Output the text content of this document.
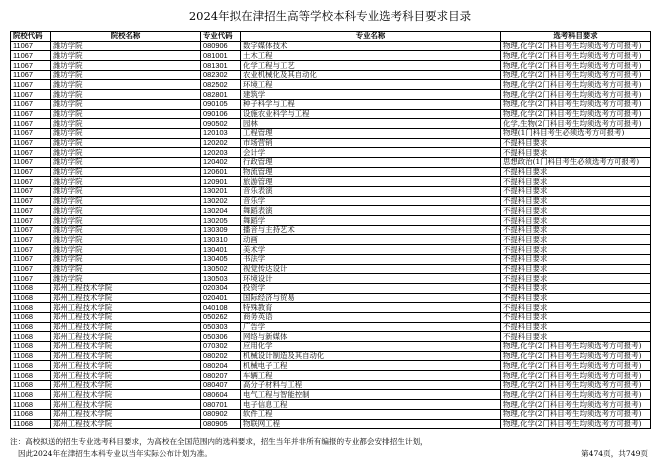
2024年拟在津招生高等学校本科专业选考科目要求目录
院校代码	院校名称	专业代码	专业名称	选考科目要求
11067	潍坊学院	080906	数字媒体技术	物理,化学(2门科目考生均须选考方可报考)
11067	潍坊学院	081001	土木工程	物理,化学(2门科目考生均须选考方可报考)
11067	潍坊学院	081301	化学工程与工艺	物理,化学(2门科目考生均须选考方可报考)
11067	潍坊学院	082302	农业机械化及其自动化	物理,化学(2门科目考生均须选考方可报考)
11067	潍坊学院	082502	环境工程	物理,化学(2门科目考生均须选考方可报考)
11067	潍坊学院	082801	建筑学	物理,化学(2门科目考生均须选考方可报考)
11067	潍坊学院	090105	种子科学与工程	物理,化学(2门科目考生均须选考方可报考)
11067	潍坊学院	090106	设施农业科学与工程	物理,化学(2门科目考生均须选考方可报考)
11067	潍坊学院	090502	园林	化学,生物(2门科目考生均须选考方可报考)
11067	潍坊学院	120103	工程管理	物理(1门科目考生必须选考方可报考)
11067	潍坊学院	120202	市场营销	不提科目要求
11067	潍坊学院	120203	会计学	不提科目要求
11067	潍坊学院	120402	行政管理	思想政治(1门科目考生必须选考方可报考)
11067	潍坊学院	120601	物流管理	不提科目要求
11067	潍坊学院	120901	旅游管理	不提科目要求
11067	潍坊学院	130201	音乐表演	不提科目要求
11067	潍坊学院	130202	音乐学	不提科目要求
11067	潍坊学院	130204	舞蹈表演	不提科目要求
11067	潍坊学院	130205	舞蹈学	不提科目要求
11067	潍坊学院	130309	播音与主持艺术	不提科目要求
11067	潍坊学院	130310	动画	不提科目要求
11067	潍坊学院	130401	美术学	不提科目要求
11067	潍坊学院	130405	书法学	不提科目要求
11067	潍坊学院	130502	视觉传达设计	不提科目要求
11067	潍坊学院	130503	环境设计	不提科目要求
11068	郑州工程技术学院	020304	投资学	不提科目要求
11068	郑州工程技术学院	020401	国际经济与贸易	不提科目要求
11068	郑州工程技术学院	040108	特殊教育	不提科目要求
11068	郑州工程技术学院	050262	商务英语	不提科目要求
11068	郑州工程技术学院	050303	广告学	不提科目要求
11068	郑州工程技术学院	050306	网络与新媒体	不提科目要求
11068	郑州工程技术学院	070302	应用化学	物理,化学(2门科目考生均须选考方可报考)
11068	郑州工程技术学院	080202	机械设计制造及其自动化	物理,化学(2门科目考生均须选考方可报考)
11068	郑州工程技术学院	080204	机械电子工程	物理,化学(2门科目考生均须选考方可报考)
11068	郑州工程技术学院	080207	车辆工程	物理,化学(2门科目考生均须选考方可报考)
11068	郑州工程技术学院	080407	高分子材料与工程	物理,化学(2门科目考生均须选考方可报考)
11068	郑州工程技术学院	080604	电气工程与智能控制	物理,化学(2门科目考生均须选考方可报考)
11068	郑州工程技术学院	080701	电子信息工程	物理,化学(2门科目考生均须选考方可报考)
11068	郑州工程技术学院	080902	软件工程	物理,化学(2门科目考生均须选考方可报考)
11068	郑州工程技术学院	080905	物联网工程	物理,化学(2门科目考生均须选考方可报考)
注：高校拟送的招生专业选考科目要求，为高校在全国范围内的选科要求，招生当年并非所有编报的专业都会安排招生计划，
因此2024年在津招生本科专业以当年实际公布计划为准。	第474页，共749页
